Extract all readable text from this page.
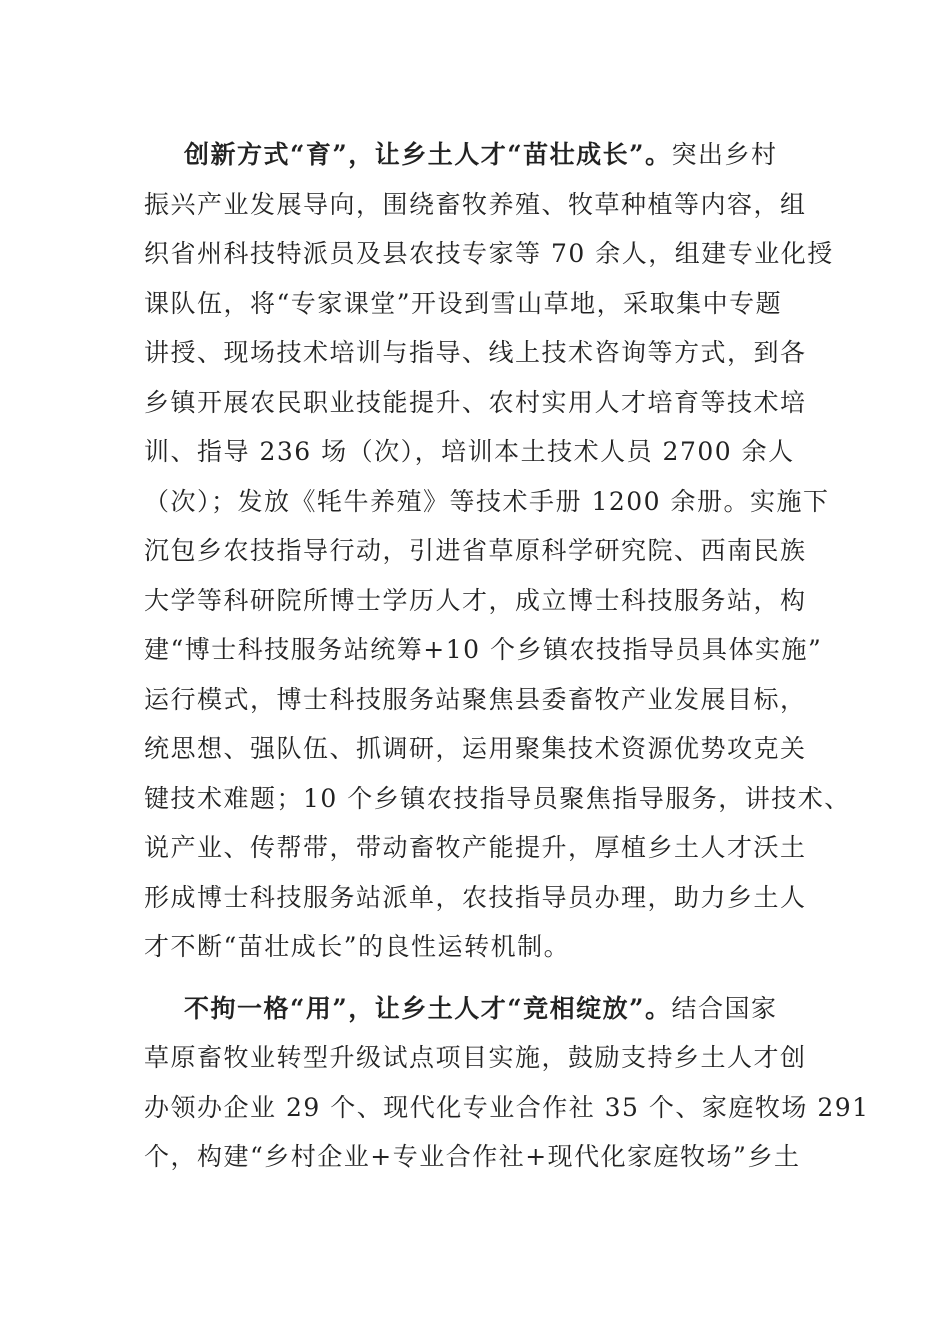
创新方式“育”，让乡土人才“苗壮成长”。突出乡村
振兴产业发展导向，围绕畜牧养殖、牧草种植等内容，组
织省州科技特派员及县农技专家等 70 余人，组建专业化授
课队伍，将“专家课堂”开设到雪山草地，采取集中专题
讲授、现场技术培训与指导、线上技术咨询等方式，到各
乡镇开展农民职业技能提升、农村实用人才培育等技术培
训、指导 236 场（次），培训本土技术人员 2700 余人
（次）；发放《牦牛养殖》等技术手册 1200 余册。实施下
沉包乡农技指导行动，引进省草原科学研究院、西南民族
大学等科研院所博士学历人才，成立博士科技服务站，构
建“博士科技服务站统筹+10 个乡镇农技指导员具体实施”
运行模式，博士科技服务站聚焦县委畜牧产业发展目标，
统思想、强队伍、抓调研，运用聚集技术资源优势攻克关
键技术难题；10 个乡镇农技指导员聚焦指导服务，讲技术、
说产业、传帮带，带动畜牧产能提升，厚植乡土人才沃土
形成博士科技服务站派单，农技指导员办理，助力乡土人
才不断“苗壮成长”的良性运转机制。

不拘一格“用”，让乡土人才“竞相绽放”。结合国家
草原畜牧业转型升级试点项目实施，鼓励支持乡土人才创
办领办企业 29 个、现代化专业合作社 35 个、家庭牧场 291
个，构建“乡村企业+专业合作社+现代化家庭牧场”乡土
